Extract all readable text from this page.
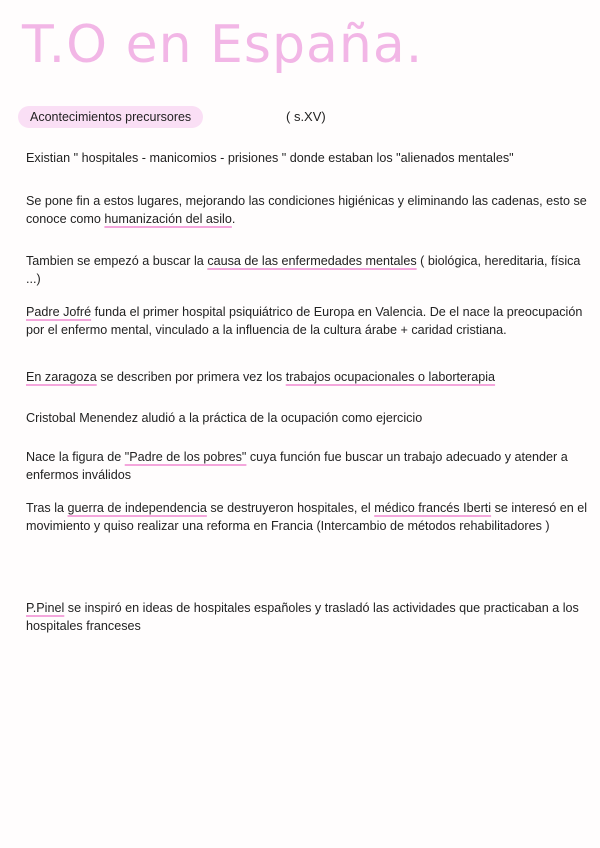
T.O en España.
Acontecimientos precursores	( s.XV)

Existian " hospitales - manicomios - prisiones " donde estaban los "alienados mentales"

Se pone fin a estos lugares, mejorando las condiciones higiénicas y eliminando las cadenas, esto se conoce como humanización del asilo.

Tambien se empezó a buscar la causa de las enfermedades mentales ( biológica, hereditaria, física ...)

Padre Jofré funda el primer hospital psiquiátrico de Europa en Valencia. De el nace la preocupación por el enfermo mental, vinculado a la influencia de la cultura árabe + caridad cristiana.

En zaragoza se describen por primera vez los trabajos ocupacionales o laborterapia

Cristobal Menendez aludió a la práctica de la ocupación como ejercicio

Nace la figura de "Padre de los pobres" cuya función fue buscar un trabajo adecuado y atender a enfermos inválidos

Tras la guerra de independencia se destruyeron hospitales, el médico francés Iberti se interesó en el movimiento y quiso realizar una reforma en Francia (Intercambio de métodos rehabilitadores )

P.Pinel se inspiró en ideas de hospitales españoles y trasladó las actividades que practicaban a los hospitales franceses
